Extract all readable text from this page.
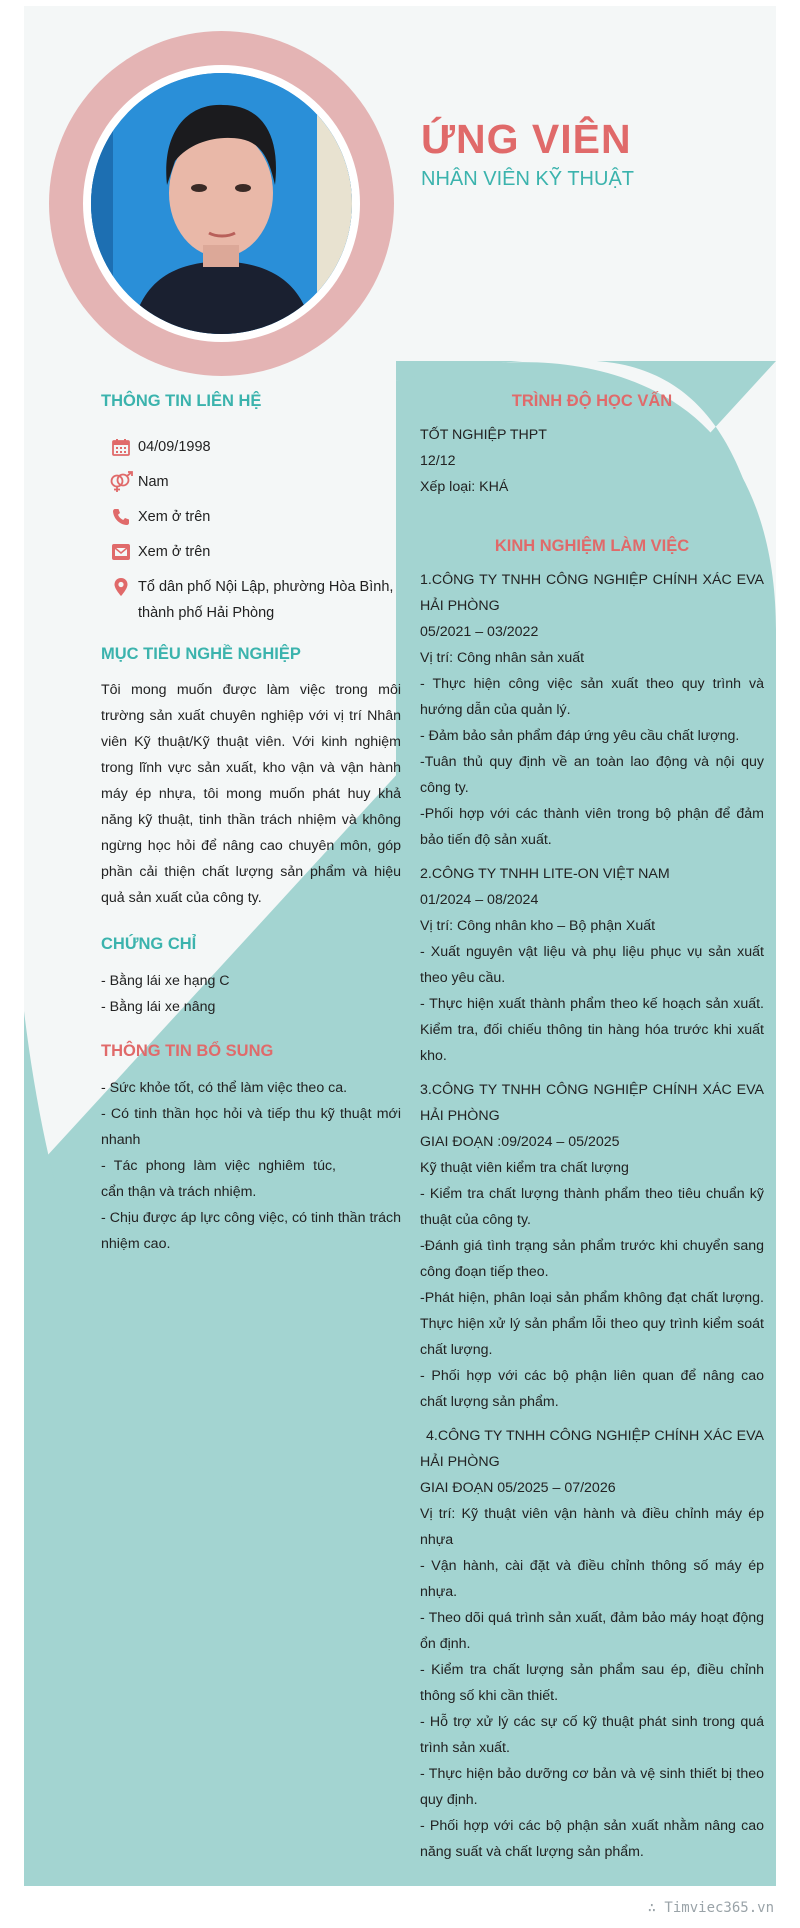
ỨNG VIÊN
NHÂN VIÊN KỸ THUẬT
THÔNG TIN LIÊN HỆ
04/09/1998
Nam
Xem ở trên
Xem ở trên
Tổ dân phố Nội Lập, phường Hòa Bình, thành phố Hải Phòng
MỤC TIÊU NGHỀ NGHIỆP
Tôi mong muốn được làm việc trong môi trường sản xuất chuyên nghiệp với vị trí Nhân viên Kỹ thuật/Kỹ thuật viên. Với kinh nghiệm trong lĩnh vực sản xuất, kho vận và vận hành máy ép nhựa, tôi mong muốn phát huy khả năng kỹ thuật, tinh thần trách nhiệm và không ngừng học hỏi để nâng cao chuyên môn, góp phần cải thiện chất lượng sản phẩm và hiệu quả sản xuất của công ty.
CHỨNG CHỈ
- Bằng lái xe hạng C
- Bằng lái xe nâng
THÔNG TIN BỔ SUNG
- Sức khỏe tốt, có thể làm việc theo ca.
- Có tinh thần học hỏi và tiếp thu kỹ thuật mới nhanh
- Tác phong làm việc nghiêm túc, cẩn thận và trách nhiệm.
- Chịu được áp lực công việc, có tinh thần trách nhiệm cao.
TRÌNH ĐỘ HỌC VẤN
TỐT NGHIỆP THPT
12/12
Xếp loại: KHÁ
KINH NGHIỆM LÀM VIỆC
1.CÔNG TY TNHH CÔNG NGHIỆP CHÍNH XÁC EVA HẢI PHÒNG
05/2021 – 03/2022
Vị trí: Công nhân sản xuất
- Thực hiện công việc sản xuất theo quy trình và hướng dẫn của quản lý.
- Đảm bảo sản phẩm đáp ứng yêu cầu chất lượng.
-Tuân thủ quy định về an toàn lao động và nội quy công ty.
-Phối hợp với các thành viên trong bộ phận để đảm bảo tiến độ sản xuất.
2.CÔNG TY TNHH LITE-ON VIỆT NAM
01/2024 – 08/2024
Vị trí: Công nhân kho – Bộ phận Xuất
- Xuất nguyên vật liệu và phụ liệu phục vụ sản xuất theo yêu cầu.
- Thực hiện xuất thành phẩm theo kế hoạch sản xuất. Kiểm tra, đối chiếu thông tin hàng hóa trước khi xuất kho.
3.CÔNG TY TNHH CÔNG NGHIỆP CHÍNH XÁC EVA HẢI PHÒNG
GIAI ĐOẠN :09/2024 – 05/2025
Kỹ thuật viên kiểm tra chất lượng
- Kiểm tra chất lượng thành phẩm theo tiêu chuẩn kỹ thuật của công ty.
-Đánh giá tình trạng sản phẩm trước khi chuyển sang công đoạn tiếp theo.
-Phát hiện, phân loại sản phẩm không đạt chất lượng. Thực hiện xử lý sản phẩm lỗi theo quy trình kiểm soát chất lượng.
- Phối hợp với các bộ phận liên quan để nâng cao chất lượng sản phẩm.
4.CÔNG TY TNHH CÔNG NGHIỆP CHÍNH XÁC EVA HẢI PHÒNG
GIAI ĐOẠN 05/2025 – 07/2026
Vị trí: Kỹ thuật viên vận hành và điều chỉnh máy ép nhựa
- Vận hành, cài đặt và điều chỉnh thông số máy ép nhựa.
- Theo dõi quá trình sản xuất, đảm bảo máy hoạt động ổn định.
- Kiểm tra chất lượng sản phẩm sau ép, điều chỉnh thông số khi cần thiết.
- Hỗ trợ xử lý các sự cố kỹ thuật phát sinh trong quá trình sản xuất.
- Thực hiện bảo dưỡng cơ bản và vệ sinh thiết bị theo quy định.
- Phối hợp với các bộ phận sản xuất nhằm nâng cao năng suất và chất lượng sản phẩm.
∴ Timviec365.vn
